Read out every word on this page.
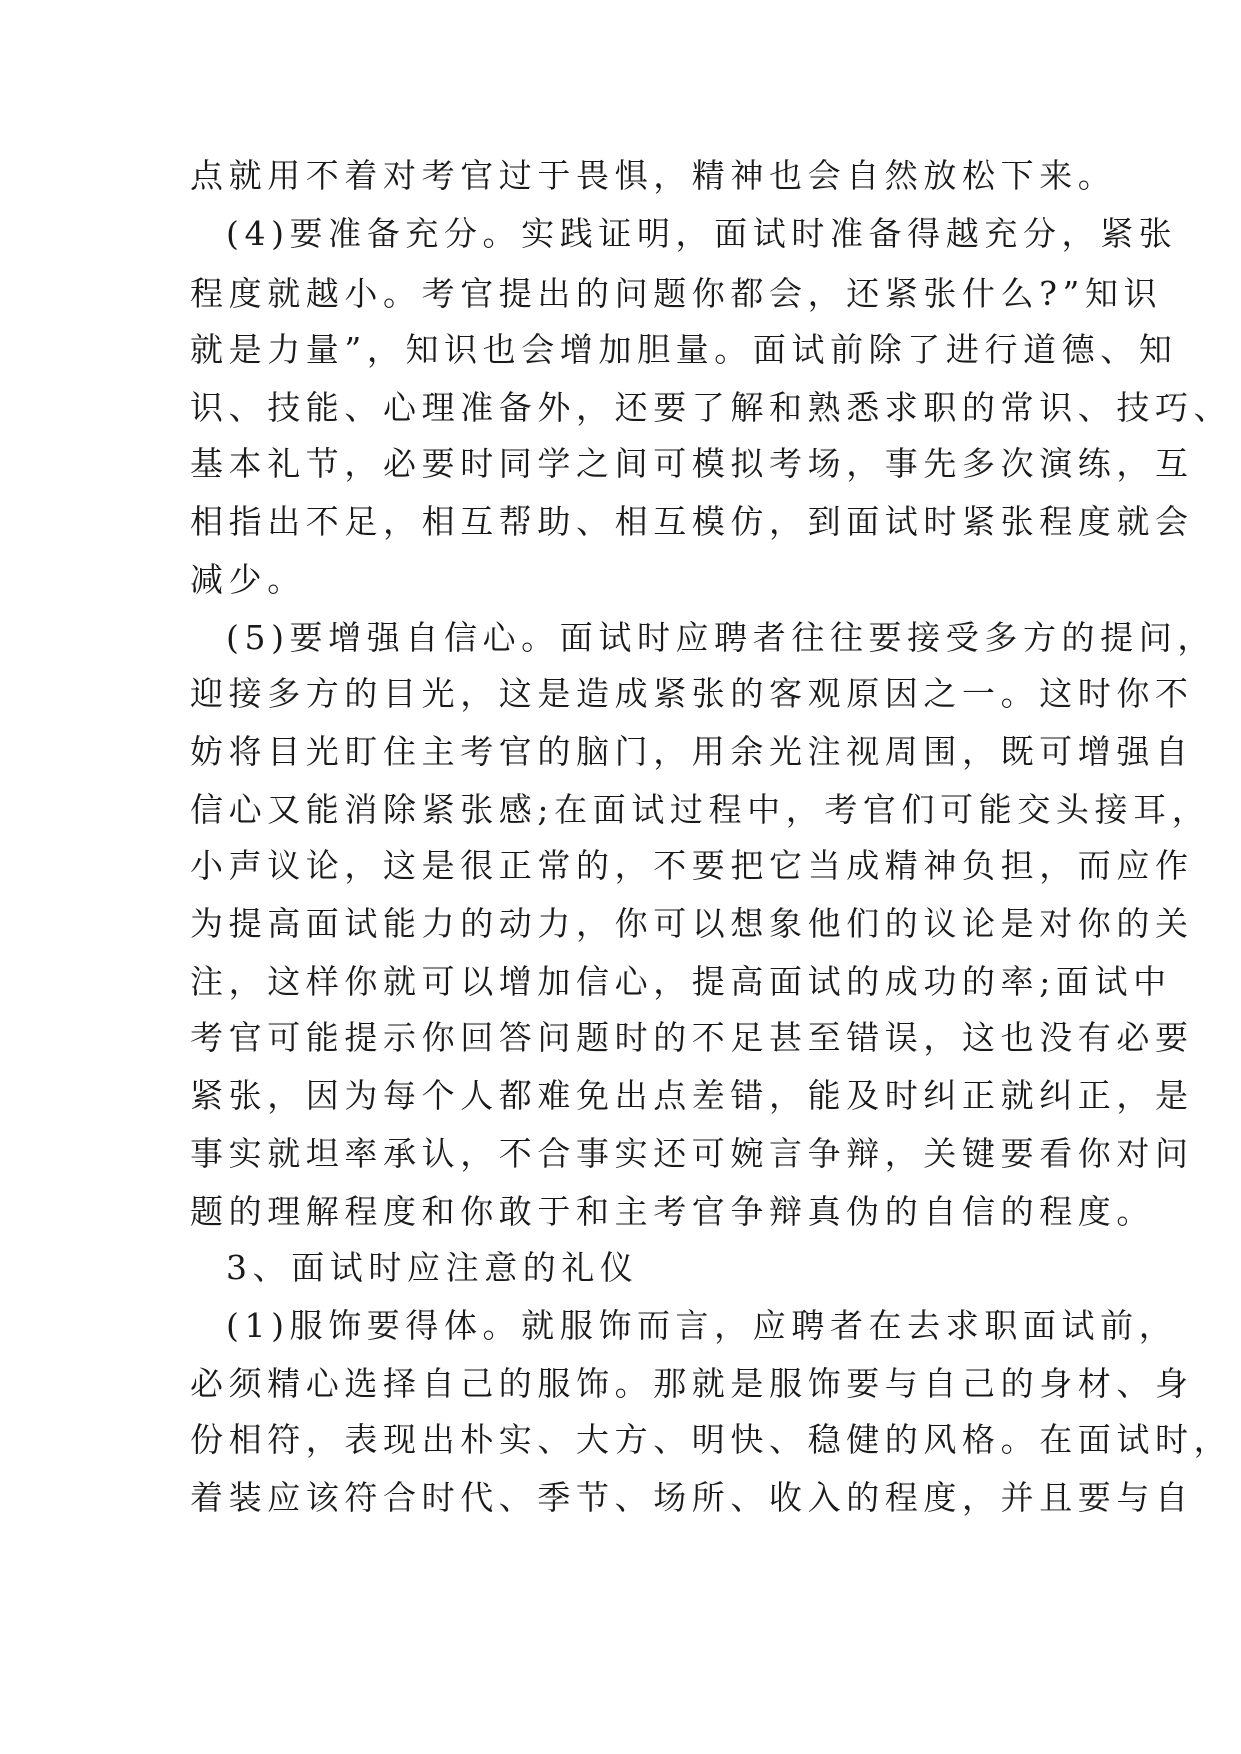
点就用不着对考官过于畏惧，精神也会自然放松下来。
(4)要准备充分。实践证明，面试时准备得越充分，紧张
程度就越小。考官提出的问题你都会，还紧张什么?”知识
就是力量”，知识也会增加胆量。面试前除了进行道德、知
识、技能、心理准备外，还要了解和熟悉求职的常识、技巧、
基本礼节，必要时同学之间可模拟考场，事先多次演练，互
相指出不足，相互帮助、相互模仿，到面试时紧张程度就会
减少。
(5)要增强自信心。面试时应聘者往往要接受多方的提问，
迎接多方的目光，这是造成紧张的客观原因之一。这时你不
妨将目光盯住主考官的脑门，用余光注视周围，既可增强自
信心又能消除紧张感;在面试过程中，考官们可能交头接耳，
小声议论，这是很正常的，不要把它当成精神负担，而应作
为提高面试能力的动力，你可以想象他们的议论是对你的关
注，这样你就可以增加信心，提高面试的成功的率;面试中
考官可能提示你回答问题时的不足甚至错误，这也没有必要
紧张，因为每个人都难免出点差错，能及时纠正就纠正，是
事实就坦率承认，不合事实还可婉言争辩，关键要看你对问
题的理解程度和你敢于和主考官争辩真伪的自信的程度。
3、面试时应注意的礼仪
(1)服饰要得体。就服饰而言，应聘者在去求职面试前，
必须精心选择自己的服饰。那就是服饰要与自己的身材、身
份相符，表现出朴实、大方、明快、稳健的风格。在面试时，
着装应该符合时代、季节、场所、收入的程度，并且要与自
